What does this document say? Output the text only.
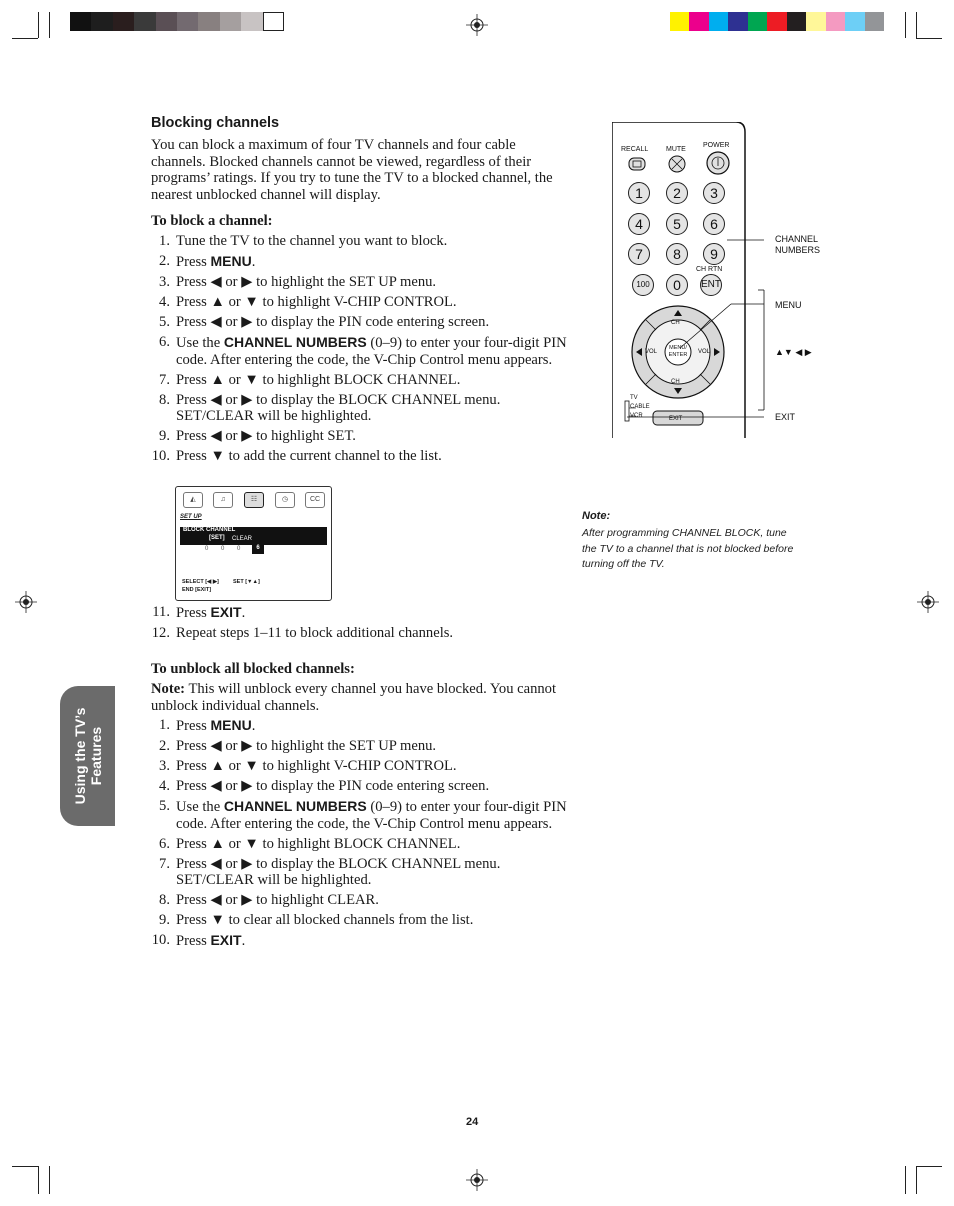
Using the TV’s Features
Blocking channels
You can block a maximum of four TV channels and four cable channels. Blocked channels cannot be viewed, regardless of their programs’ ratings. If you try to tune the TV to a blocked channel, the nearest unblocked channel will display.
To block a channel:
1. Tune the TV to the channel you want to block.
2. Press MENU.
3. Press ◀ or ▶ to highlight the SET UP menu.
4. Press ▲ or ▼ to highlight V-CHIP CONTROL.
5. Press ◀ or ▶ to display the PIN code entering screen.
6. Use the CHANNEL NUMBERS (0–9) to enter your four-digit PIN code. After entering the code, the V-Chip Control menu appears.
7. Press ▲ or ▼ to highlight BLOCK CHANNEL.
8. Press ◀ or ▶ to display the BLOCK CHANNEL menu. SET/CLEAR will be highlighted.
9. Press ◀ or ▶ to highlight SET.
10. Press ▼ to add the current channel to the list.
◭	♫	☷	◷	CC
SET UP
BLOCK CHANNEL
[SET] CLEAR
0 0 0	6
SELECT [◀ ▶]	SET [▼▲]
END [EXIT]
11. Press EXIT.
12. Repeat steps 1–11 to block additional channels.
To unblock all blocked channels:
Note: This will unblock every channel you have blocked. You cannot unblock individual channels.
1. Press MENU.
2. Press ◀ or ▶ to highlight the SET UP menu.
3. Press ▲ or ▼ to highlight V-CHIP CONTROL.
4. Press ◀ or ▶ to display the PIN code entering screen.
5. Use the CHANNEL NUMBERS (0–9) to enter your four-digit PIN code. After entering the code, the V-Chip Control menu appears.
6. Press ▲ or ▼ to highlight BLOCK CHANNEL.
7. Press ◀ or ▶ to display the BLOCK CHANNEL menu. SET/CLEAR will be highlighted.
8. Press ◀ or ▶ to highlight CLEAR.
9. Press ▼ to clear all blocked channels from the list.
10. Press EXIT.
Note:
After programming CHANNEL BLOCK, tune the TV to a channel that is not blocked before turning off the TV.
RECALL	MUTE
POWER
1	2	3
4	5	6
7	8	9
CH RTN
100	0	ENT
CH
CH
VOL	VOL
MENU/ ENTER
TV
CABLE
VCR	EXIT
CHANNEL NUMBERS
MENU
▲▼ ◀ ▶
EXIT
24
